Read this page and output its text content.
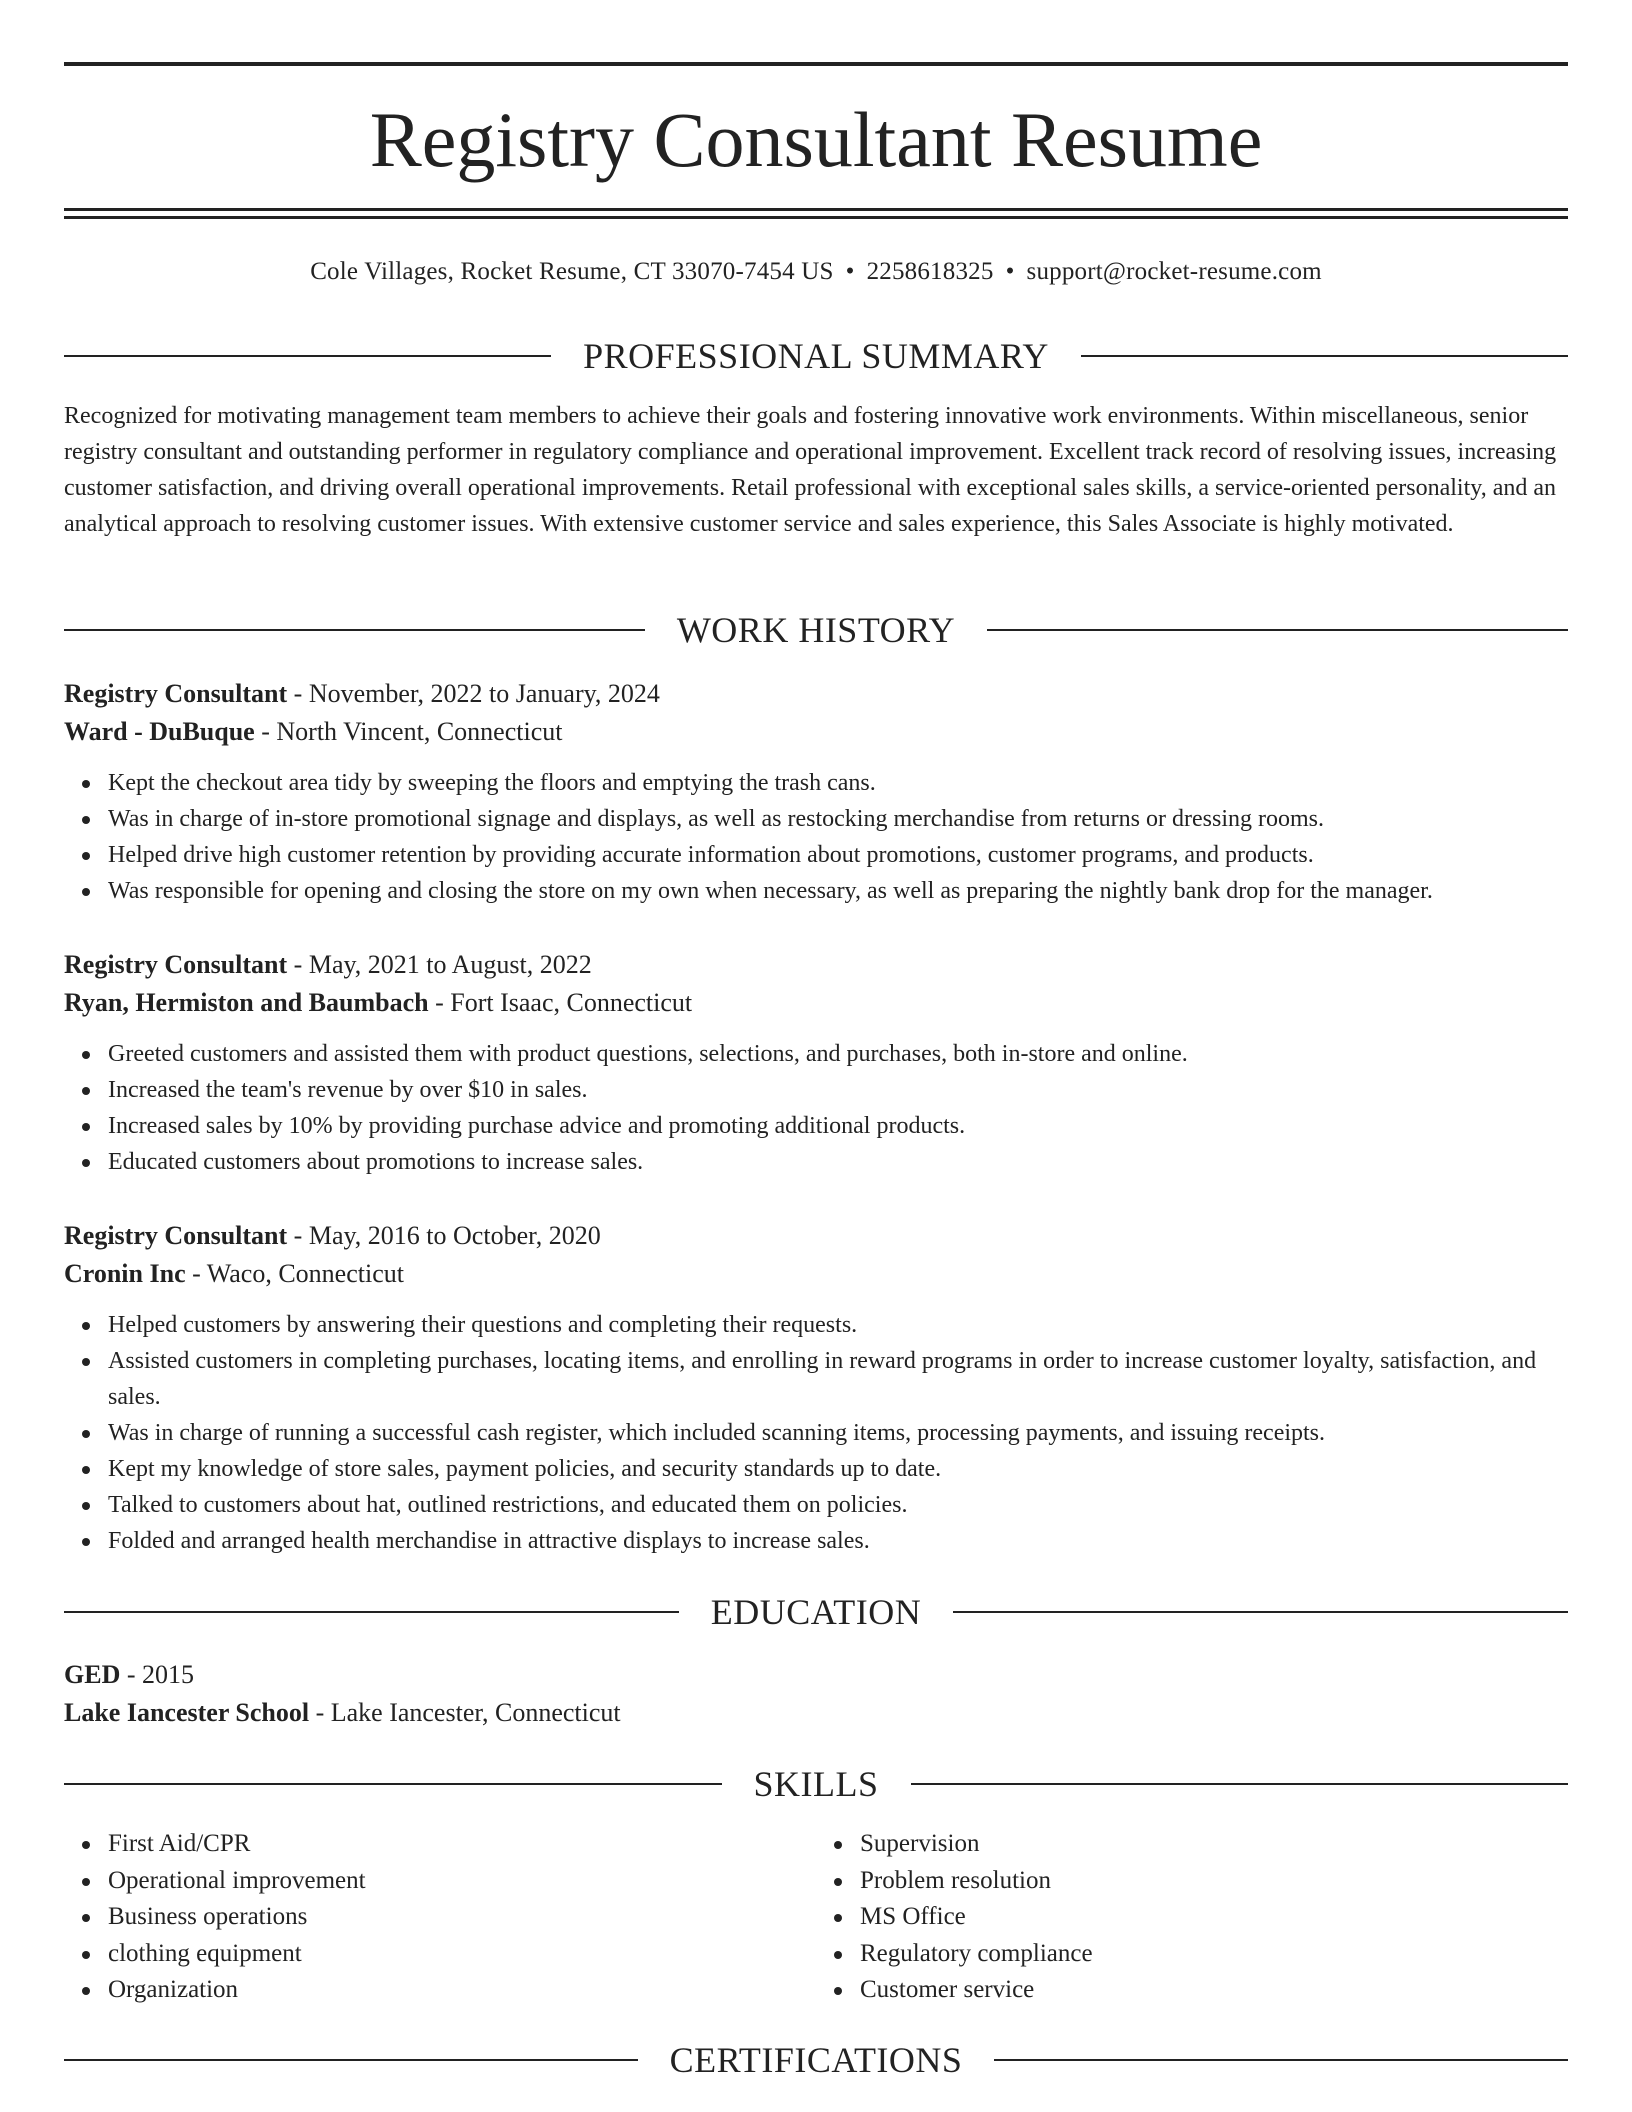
Registry Consultant Resume
Cole Villages, Rocket Resume, CT 33070-7454 US • 2258618325 • support@rocket-resume.com
PROFESSIONAL SUMMARY

Recognized for motivating management team members to achieve their goals and fostering innovative work environments. Within miscellaneous, senior registry consultant and outstanding performer in regulatory compliance and operational improvement. Excellent track record of resolving issues, increasing customer satisfaction, and driving overall operational improvements. Retail professional with exceptional sales skills, a service-oriented personality, and an analytical approach to resolving customer issues. With extensive customer service and sales experience, this Sales Associate is highly motivated.

WORK HISTORY
Registry Consultant - November, 2022 to January, 2024
Ward - DuBuque - North Vincent, Connecticut
Kept the checkout area tidy by sweeping the floors and emptying the trash cans.
Was in charge of in-store promotional signage and displays, as well as restocking merchandise from returns or dressing rooms.
Helped drive high customer retention by providing accurate information about promotions, customer programs, and products.
Was responsible for opening and closing the store on my own when necessary, as well as preparing the nightly bank drop for the manager.
Registry Consultant - May, 2021 to August, 2022
Ryan, Hermiston and Baumbach - Fort Isaac, Connecticut
Greeted customers and assisted them with product questions, selections, and purchases, both in-store and online.
Increased the team's revenue by over $10 in sales.
Increased sales by 10% by providing purchase advice and promoting additional products.
Educated customers about promotions to increase sales.
Registry Consultant - May, 2016 to October, 2020
Cronin Inc - Waco, Connecticut
Helped customers by answering their questions and completing their requests.
Assisted customers in completing purchases, locating items, and enrolling in reward programs in order to increase customer loyalty, satisfaction, and sales.
Was in charge of running a successful cash register, which included scanning items, processing payments, and issuing receipts.
Kept my knowledge of store sales, payment policies, and security standards up to date.
Talked to customers about hat, outlined restrictions, and educated them on policies.
Folded and arranged health merchandise in attractive displays to increase sales.
EDUCATION
GED - 2015
Lake Iancester School - Lake Iancester, Connecticut
SKILLS
First Aid/CPR
Operational improvement
Business operations
clothing equipment
Organization
Supervision
Problem resolution
MS Office
Regulatory compliance
Customer service
CERTIFICATIONS
